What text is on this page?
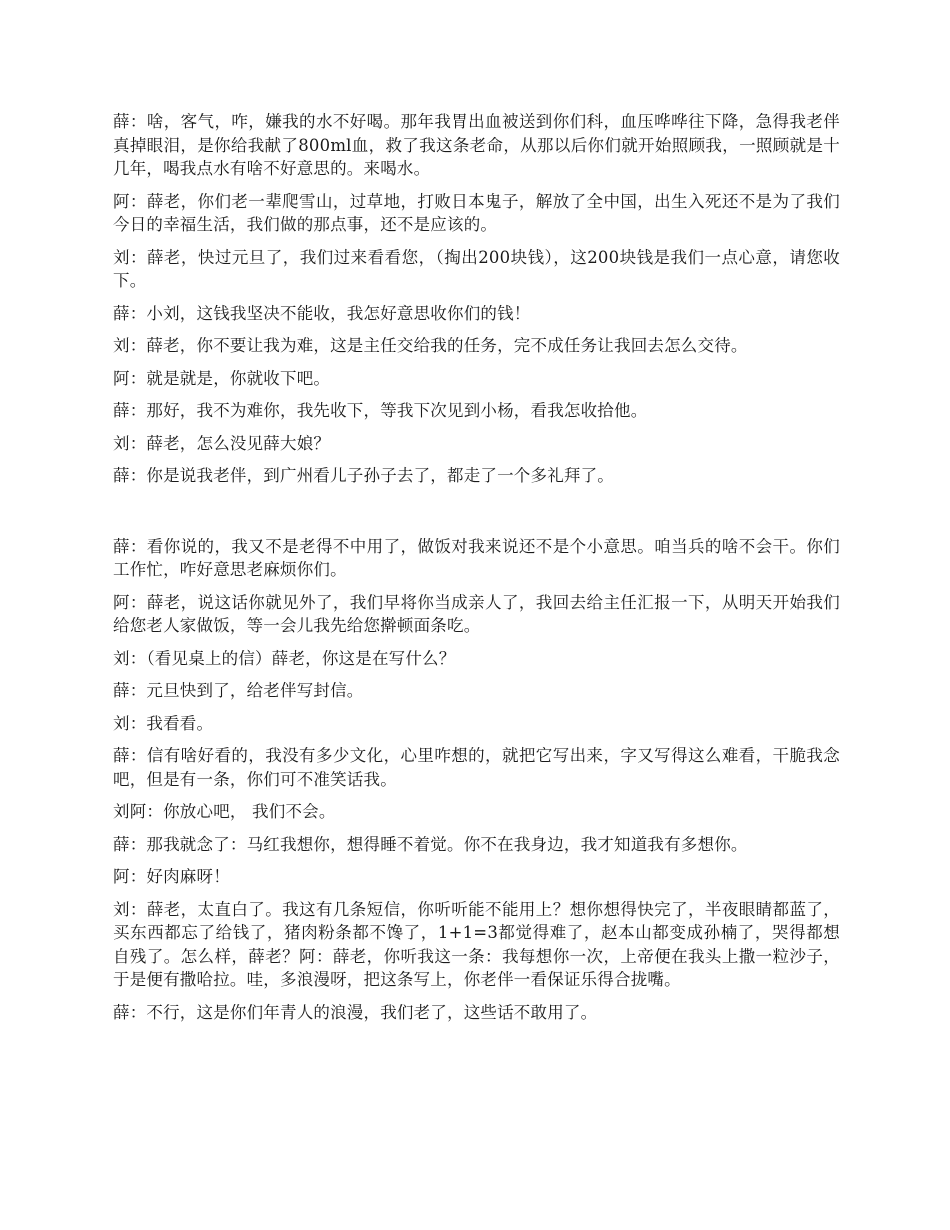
薛：啥，客气，咋，嫌我的水不好喝。那年我胃出血被送到你们科，血压哗哗往下降，急得我老伴真掉眼泪，是你给我献了800ml血，救了我这条老命，从那以后你们就开始照顾我，一照顾就是十几年，喝我点水有啥不好意思的。来喝水。

阿：薛老，你们老一辈爬雪山，过草地，打败日本鬼子，解放了全中国，出生入死还不是为了我们今日的幸福生活，我们做的那点事，还不是应该的。

刘：薛老，快过元旦了，我们过来看看您，（掏出200块钱），这200块钱是我们一点心意，请您收下。

薛：小刘，这钱我坚决不能收，我怎好意思收你们的钱！

刘：薛老，你不要让我为难，这是主任交给我的任务，完不成任务让我回去怎么交待。

阿：就是就是，你就收下吧。

薛：那好，我不为难你，我先收下，等我下次见到小杨，看我怎收拾他。

刘：薛老，怎么没见薛大娘？

薛：你是说我老伴，到广州看儿子孙子去了，都走了一个多礼拜了。

薛：看你说的，我又不是老得不中用了，做饭对我来说还不是个小意思。咱当兵的啥不会干。你们工作忙，咋好意思老麻烦你们。

阿：薛老，说这话你就见外了，我们早将你当成亲人了，我回去给主任汇报一下，从明天开始我们给您老人家做饭，等一会儿我先给您擀顿面条吃。

刘：（看见桌上的信）薛老，你这是在写什么？

薛：元旦快到了，给老伴写封信。

刘：我看看。

薛：信有啥好看的，我没有多少文化，心里咋想的，就把它写出来，字又写得这么难看，干脆我念吧，但是有一条，你们可不准笑话我。

刘阿：你放心吧， 我们不会。

薛：那我就念了：马红我想你，想得睡不着觉。你不在我身边，我才知道我有多想你。

阿：好肉麻呀！

刘：薛老，太直白了。我这有几条短信，你听听能不能用上？想你想得快完了，半夜眼睛都蓝了，买东西都忘了给钱了，猪肉粉条都不馋了，1+1=3都觉得难了，赵本山都变成孙楠了，哭得都想自残了。怎么样，薛老？阿：薛老，你听我这一条：我每想你一次，上帝便在我头上撒一粒沙子，于是便有撒哈拉。哇，多浪漫呀，把这条写上，你老伴一看保证乐得合拢嘴。

薛：不行，这是你们年青人的浪漫，我们老了，这些话不敢用了。
